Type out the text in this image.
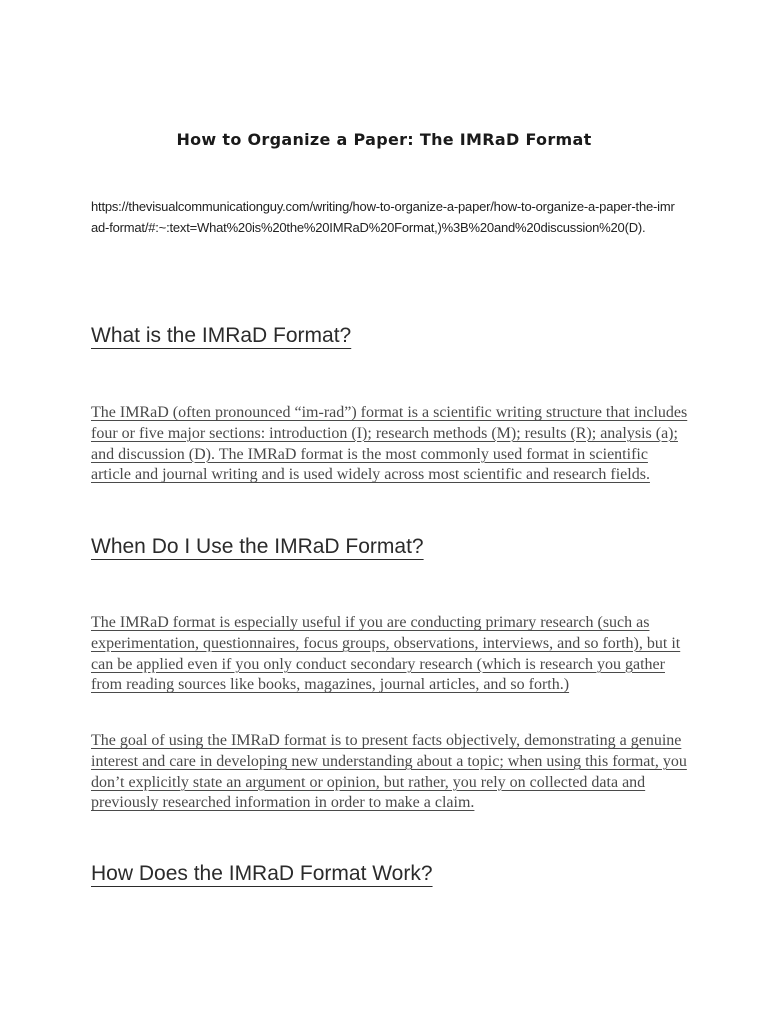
How to Organize a Paper: The IMRaD Format
https://thevisualcommunicationguy.com/writing/how-to-organize-a-paper/how-to-organize-a-paper-the-imrad-format/#:~:text=What%20is%20the%20IMRaD%20Format,)%3B%20and%20discussion%20(D).
What is the IMRaD Format?
The IMRaD (often pronounced “im-rad”) format is a scientific writing structure that includes four or five major sections: introduction (I); research methods (M); results (R); analysis (a); and discussion (D). The IMRaD format is the most commonly used format in scientific article and journal writing and is used widely across most scientific and research fields.
When Do I Use the IMRaD Format?
The IMRaD format is especially useful if you are conducting primary research (such as experimentation, questionnaires, focus groups, observations, interviews, and so forth), but it can be applied even if you only conduct secondary research (which is research you gather from reading sources like books, magazines, journal articles, and so forth.)
The goal of using the IMRaD format is to present facts objectively, demonstrating a genuine interest and care in developing new understanding about a topic; when using this format, you don’t explicitly state an argument or opinion, but rather, you rely on collected data and previously researched information in order to make a claim.
How Does the IMRaD Format Work?
